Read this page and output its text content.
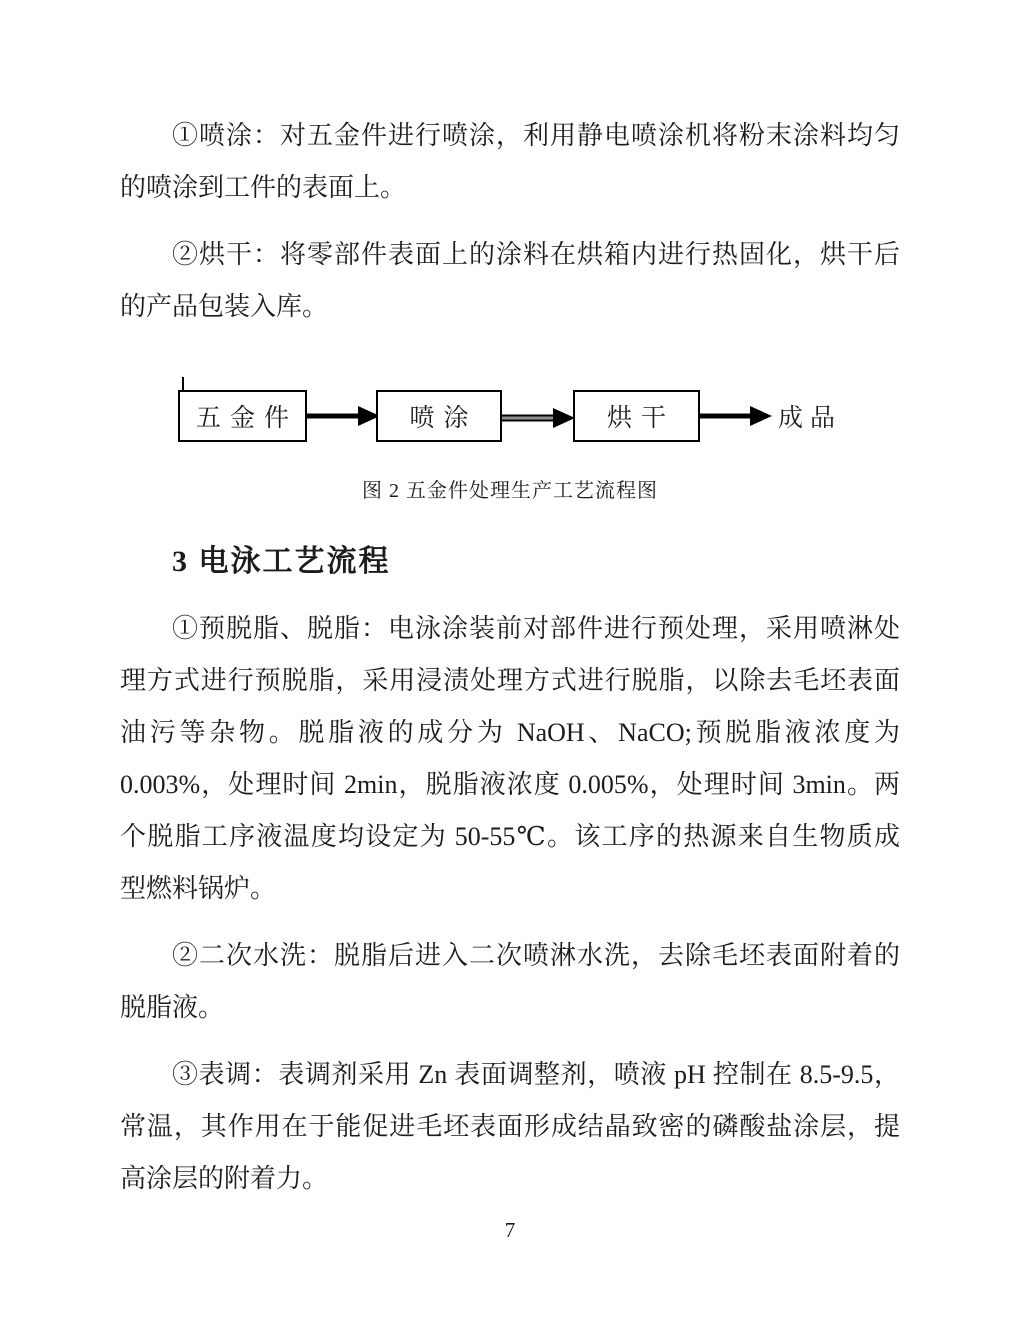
①喷涂：对五金件进行喷涂，利用静电喷涂机将粉末涂料均匀
的喷涂到工件的表面上。
②烘干：将零部件表面上的涂料在烘箱内进行热固化，烘干后
的产品包装入库。
五金件	喷涂	烘干	成品
图 2 五金件处理生产工艺流程图
3 电泳工艺流程
①预脱脂、脱脂：电泳涂装前对部件进行预处理，采用喷淋处
理方式进行预脱脂，采用浸渍处理方式进行脱脂，以除去毛坯表面
油污等杂物。脱脂液的成分为 NaOH、NaCO;预脱脂液浓度为
0.003%，处理时间 2min，脱脂液浓度 0.005%，处理时间 3min。两
个脱脂工序液温度均设定为 50-55℃。该工序的热源来自生物质成
型燃料锅炉。
②二次水洗：脱脂后进入二次喷淋水洗，去除毛坯表面附着的
脱脂液。
③表调：表调剂采用 Zn 表面调整剂，喷液 pH 控制在 8.5-9.5，
常温，其作用在于能促进毛坯表面形成结晶致密的磷酸盐涂层，提
高涂层的附着力。
7
